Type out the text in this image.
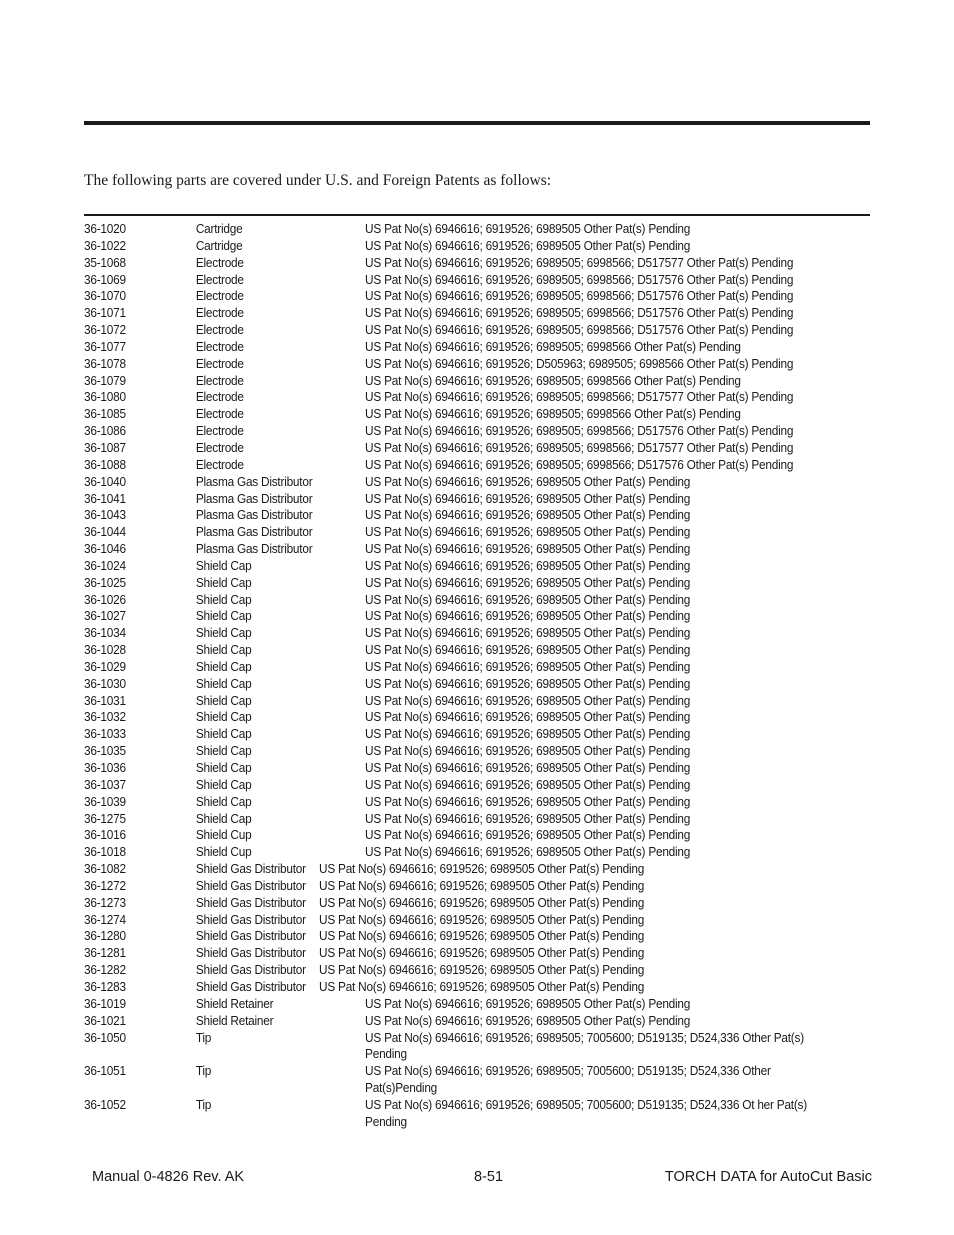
The following parts are covered under U.S. and Foreign Patents as follows:
36-1020	Cartridge	US Pat No(s) 6946616; 6919526; 6989505 Other Pat(s) Pending
36-1022	Cartridge	US Pat No(s) 6946616; 6919526; 6989505 Other Pat(s) Pending
35-1068	Electrode	US Pat No(s) 6946616; 6919526; 6989505; 6998566; D517577 Other Pat(s) Pending
36-1069	Electrode	US Pat No(s) 6946616; 6919526; 6989505; 6998566; D517576 Other Pat(s) Pending
36-1070	Electrode	US Pat No(s) 6946616; 6919526; 6989505; 6998566; D517576 Other Pat(s) Pending
36-1071	Electrode	US Pat No(s) 6946616; 6919526; 6989505; 6998566; D517576 Other Pat(s) Pending
36-1072	Electrode	US Pat No(s) 6946616; 6919526; 6989505; 6998566; D517576 Other Pat(s) Pending
36-1077	Electrode	US Pat No(s) 6946616; 6919526; 6989505; 6998566 Other Pat(s) Pending
36-1078	Electrode	US Pat No(s) 6946616; 6919526; D505963; 6989505; 6998566 Other Pat(s) Pending
36-1079	Electrode	US Pat No(s) 6946616; 6919526; 6989505; 6998566 Other Pat(s) Pending
36-1080	Electrode	US Pat No(s) 6946616; 6919526; 6989505; 6998566; D517577 Other Pat(s) Pending
36-1085	Electrode	US Pat No(s) 6946616; 6919526; 6989505; 6998566 Other Pat(s) Pending
36-1086	Electrode	US Pat No(s) 6946616; 6919526; 6989505; 6998566; D517576 Other Pat(s) Pending
36-1087	Electrode	US Pat No(s) 6946616; 6919526; 6989505; 6998566; D517577 Other Pat(s) Pending
36-1088	Electrode	US Pat No(s) 6946616; 6919526; 6989505; 6998566; D517576 Other Pat(s) Pending
36-1040	Plasma Gas Distributor	US Pat No(s) 6946616; 6919526; 6989505 Other Pat(s) Pending
36-1041	Plasma Gas Distributor	US Pat No(s) 6946616; 6919526; 6989505 Other Pat(s) Pending
36-1043	Plasma Gas Distributor	US Pat No(s) 6946616; 6919526; 6989505 Other Pat(s) Pending
36-1044	Plasma Gas Distributor	US Pat No(s) 6946616; 6919526; 6989505 Other Pat(s) Pending
36-1046	Plasma Gas Distributor	US Pat No(s) 6946616; 6919526; 6989505 Other Pat(s) Pending
36-1024	Shield Cap	US Pat No(s) 6946616; 6919526; 6989505 Other Pat(s) Pending
36-1025	Shield Cap	US Pat No(s) 6946616; 6919526; 6989505 Other Pat(s) Pending
36-1026	Shield Cap	US Pat No(s) 6946616; 6919526; 6989505 Other Pat(s) Pending
36-1027	Shield Cap	US Pat No(s) 6946616; 6919526; 6989505 Other Pat(s) Pending
36-1034	Shield Cap	US Pat No(s) 6946616; 6919526; 6989505 Other Pat(s) Pending
36-1028	Shield Cap	US Pat No(s) 6946616; 6919526; 6989505 Other Pat(s) Pending
36-1029	Shield Cap	US Pat No(s) 6946616; 6919526; 6989505 Other Pat(s) Pending
36-1030	Shield Cap	US Pat No(s) 6946616; 6919526; 6989505 Other Pat(s) Pending
36-1031	Shield Cap	US Pat No(s) 6946616; 6919526; 6989505 Other Pat(s) Pending
36-1032	Shield Cap	US Pat No(s) 6946616; 6919526; 6989505 Other Pat(s) Pending
36-1033	Shield Cap	US Pat No(s) 6946616; 6919526; 6989505 Other Pat(s) Pending
36-1035	Shield Cap	US Pat No(s) 6946616; 6919526; 6989505 Other Pat(s) Pending
36-1036	Shield Cap	US Pat No(s) 6946616; 6919526; 6989505 Other Pat(s) Pending
36-1037	Shield Cap	US Pat No(s) 6946616; 6919526; 6989505 Other Pat(s) Pending
36-1039	Shield Cap	US Pat No(s) 6946616; 6919526; 6989505 Other Pat(s) Pending
36-1275	Shield Cap	US Pat No(s) 6946616; 6919526; 6989505 Other Pat(s) Pending
36-1016	Shield Cup	US Pat No(s) 6946616; 6919526; 6989505 Other Pat(s) Pending
36-1018	Shield Cup	US Pat No(s) 6946616; 6919526; 6989505 Other Pat(s) Pending
36-1082	Shield Gas Distributor US Pat No(s) 6946616; 6919526; 6989505 Other Pat(s) Pending
36-1272	Shield Gas Distributor US Pat No(s) 6946616; 6919526; 6989505 Other Pat(s) Pending
36-1273	Shield Gas Distributor US Pat No(s) 6946616; 6919526; 6989505 Other Pat(s) Pending
36-1274	Shield Gas Distributor US Pat No(s) 6946616; 6919526; 6989505 Other Pat(s) Pending
36-1280	Shield Gas Distributor US Pat No(s) 6946616; 6919526; 6989505 Other Pat(s) Pending
36-1281	Shield Gas Distributor US Pat No(s) 6946616; 6919526; 6989505 Other Pat(s) Pending
36-1282	Shield Gas Distributor US Pat No(s) 6946616; 6919526; 6989505 Other Pat(s) Pending
36-1283	Shield Gas Distributor US Pat No(s) 6946616; 6919526; 6989505 Other Pat(s) Pending
36-1019	Shield Retainer	US Pat No(s) 6946616; 6919526; 6989505 Other Pat(s) Pending
36-1021	Shield Retainer	US Pat No(s) 6946616; 6919526; 6989505 Other Pat(s) Pending
36-1050	Tip	US Pat No(s) 6946616; 6919526; 6989505; 7005600; D519135; D524,336 Other Pat(s) Pending
36-1051	Tip	US Pat No(s) 6946616; 6919526; 6989505; 7005600; D519135; D524,336 Other Pat(s)Pending
36-1052	Tip	US Pat No(s) 6946616; 6919526; 6989505; 7005600; D519135; D524,336 Ot her Pat(s) Pending
Manual 0-4826 Rev. AK	8-51	TORCH DATA for AutoCut Basic
